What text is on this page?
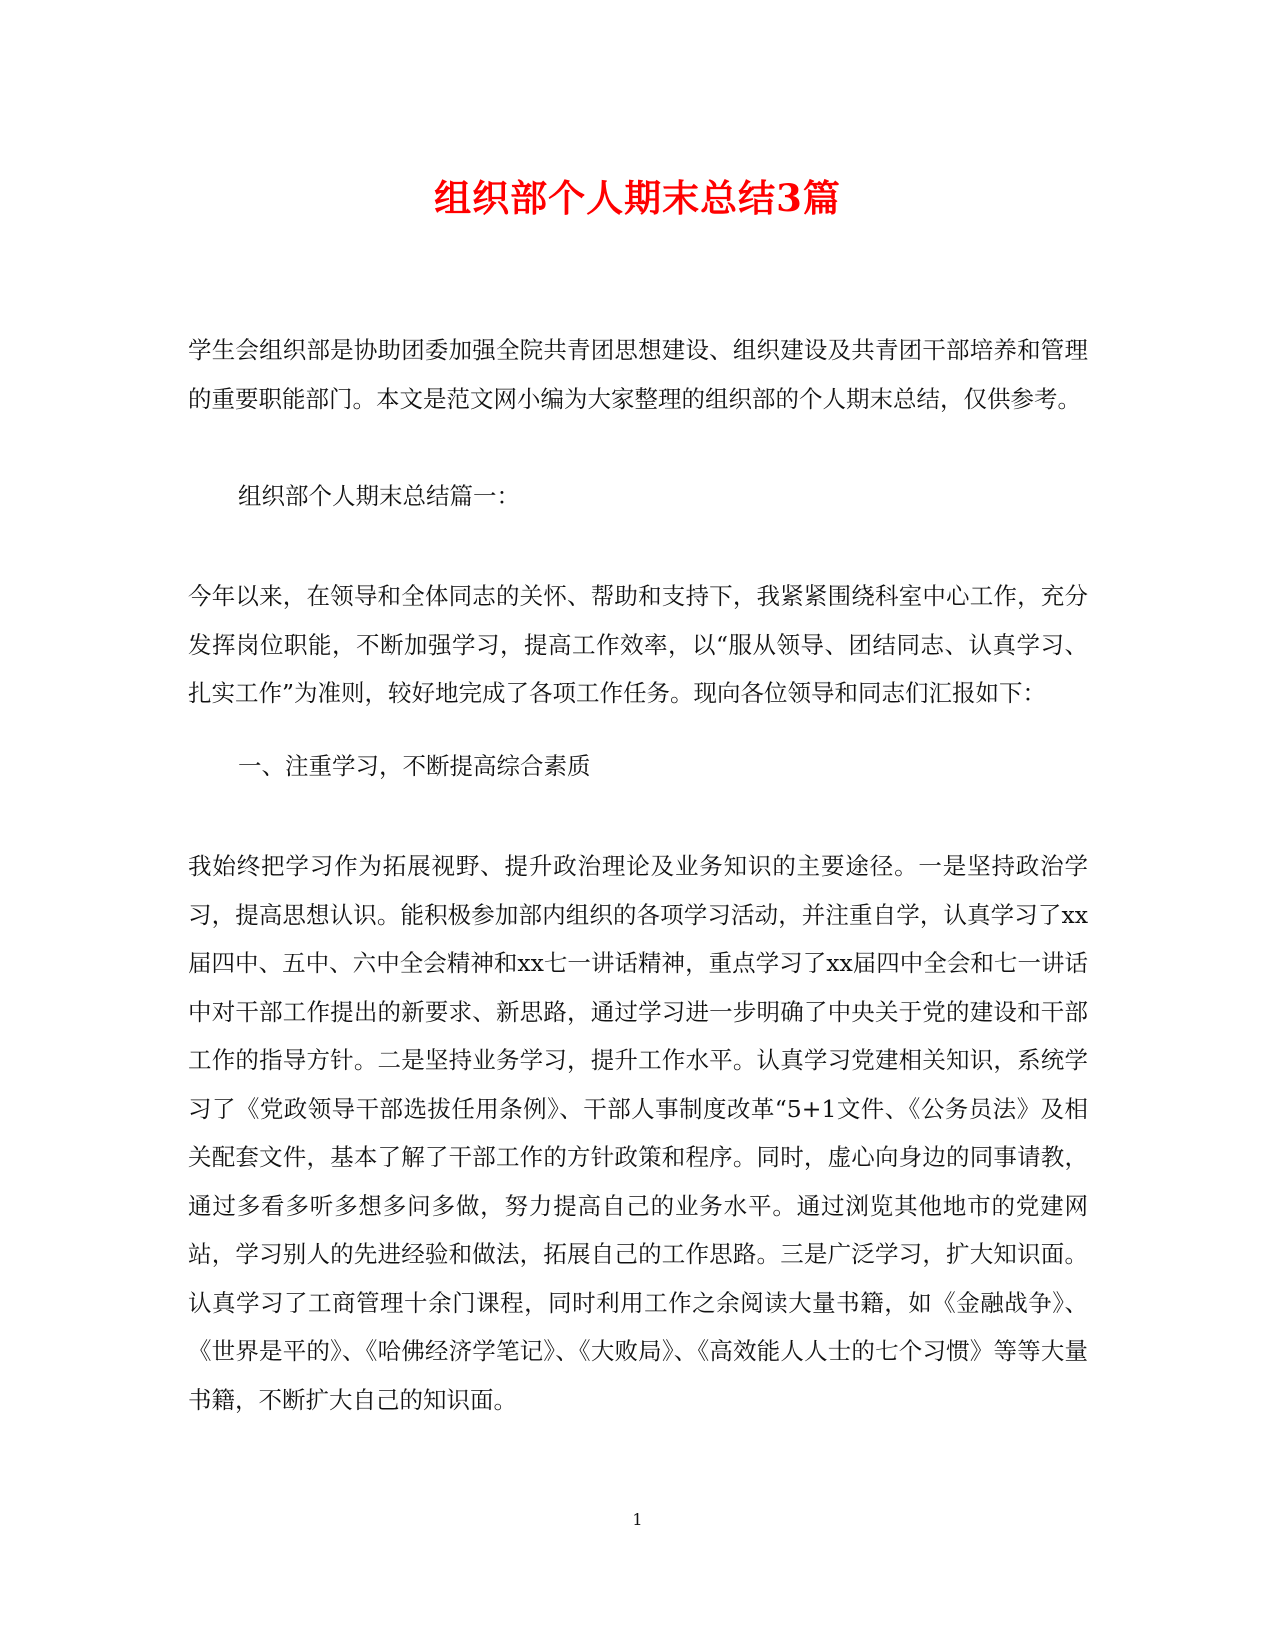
组织部个人期末总结3篇

学生会组织部是协助团委加强全院共青团思想建设、组织建设及共青团干部培养和管理的重要职能部门。本文是范文网小编为大家整理的组织部的个人期末总结，仅供参考。

组织部个人期末总结篇一：

今年以来，在领导和全体同志的关怀、帮助和支持下，我紧紧围绕科室中心工作，充分发挥岗位职能，不断加强学习，提高工作效率，以“服从领导、团结同志、认真学习、扎实工作”为准则，较好地完成了各项工作任务。现向各位领导和同志们汇报如下：

一、注重学习，不断提高综合素质

我始终把学习作为拓展视野、提升政治理论及业务知识的主要途径。一是坚持政治学习，提高思想认识。能积极参加部内组织的各项学习活动，并注重自学，认真学习了xx届四中、五中、六中全会精神和xx七一讲话精神，重点学习了xx届四中全会和七一讲话中对干部工作提出的新要求、新思路，通过学习进一步明确了中央关于党的建设和干部工作的指导方针。二是坚持业务学习，提升工作水平。认真学习党建相关知识，系统学习了《党政领导干部选拔任用条例》、干部人事制度改革“5+1文件、《公务员法》及相关配套文件，基本了解了干部工作的方针政策和程序。同时，虚心向身边的同事请教，通过多看多听多想多问多做，努力提高自己的业务水平。通过浏览其他地市的党建网站，学习别人的先进经验和做法，拓展自己的工作思路。三是广泛学习，扩大知识面。认真学习了工商管理十余门课程，同时利用工作之余阅读大量书籍，如《金融战争》、《世界是平的》、《哈佛经济学笔记》、《大败局》、《高效能人人士的七个习惯》等等大量书籍，不断扩大自己的知识面。

1
